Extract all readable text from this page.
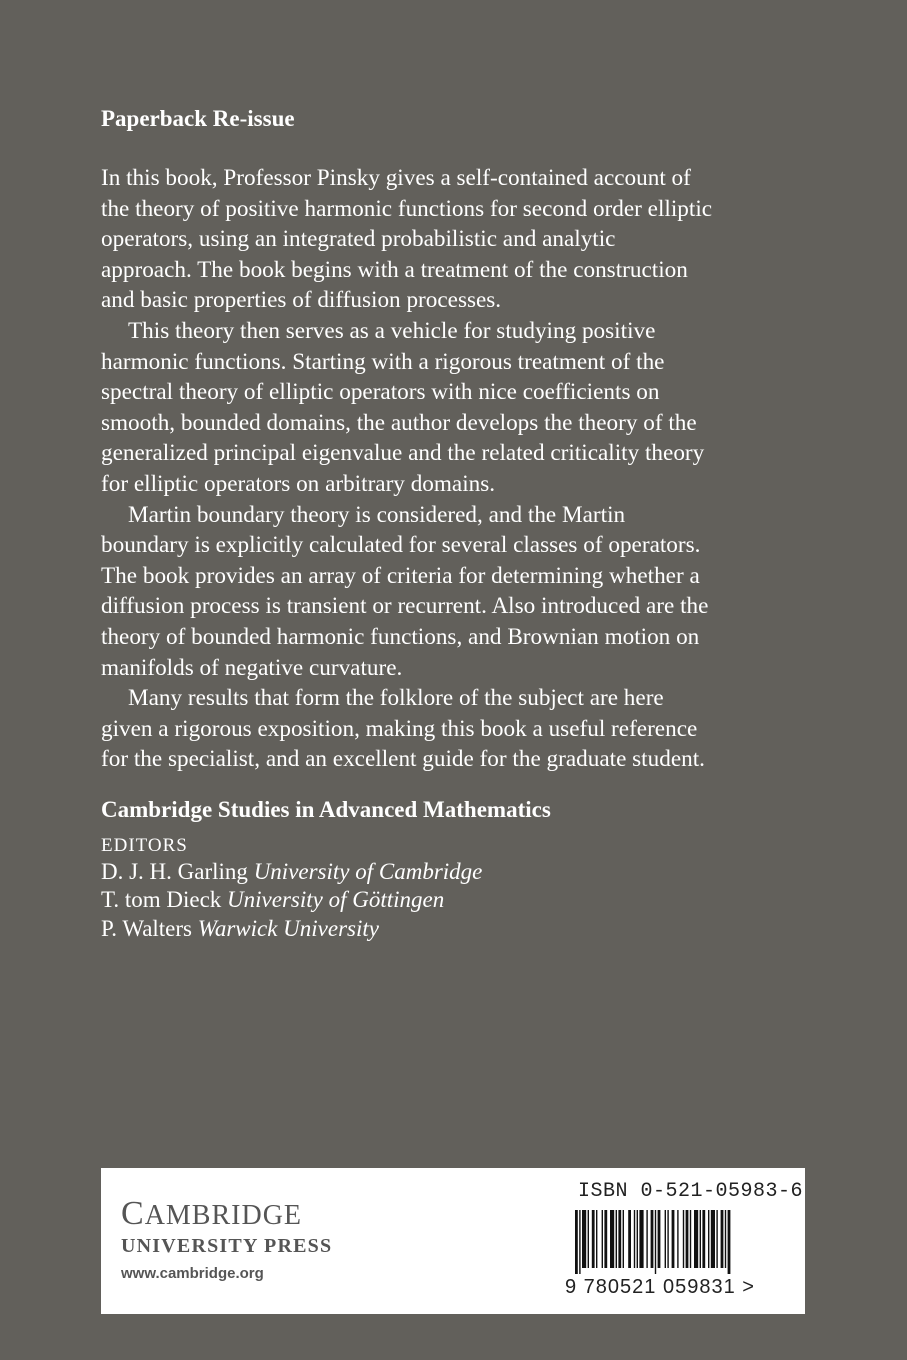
Paperback Re-issue

In this book, Professor Pinsky gives a self-contained account of
the theory of positive harmonic functions for second order elliptic
operators, using an integrated probabilistic and analytic
approach. The book begins with a treatment of the construction
and basic properties of diffusion processes.

This theory then serves as a vehicle for studying positive
harmonic functions. Starting with a rigorous treatment of the
spectral theory of elliptic operators with nice coefficients on
smooth, bounded domains, the author develops the theory of the
generalized principal eigenvalue and the related criticality theory
for elliptic operators on arbitrary domains.

Martin boundary theory is considered, and the Martin
boundary is explicitly calculated for several classes of operators.
The book provides an array of criteria for determining whether a
diffusion process is transient or recurrent. Also introduced are the
theory of bounded harmonic functions, and Brownian motion on
manifolds of negative curvature.

Many results that form the folklore of the subject are here
given a rigorous exposition, making this book a useful reference
for the specialist, and an excellent guide for the graduate student.

Cambridge Studies in Advanced Mathematics

EDITORS
D. J. H. Garling University of Cambridge
T. tom Dieck University of Göttingen
P. Walters Warwick University
CAMBRIDGE
UNIVERSITY PRESS
www.cambridge.org
ISBN 0-521-05983-6
9 780521 059831 >
